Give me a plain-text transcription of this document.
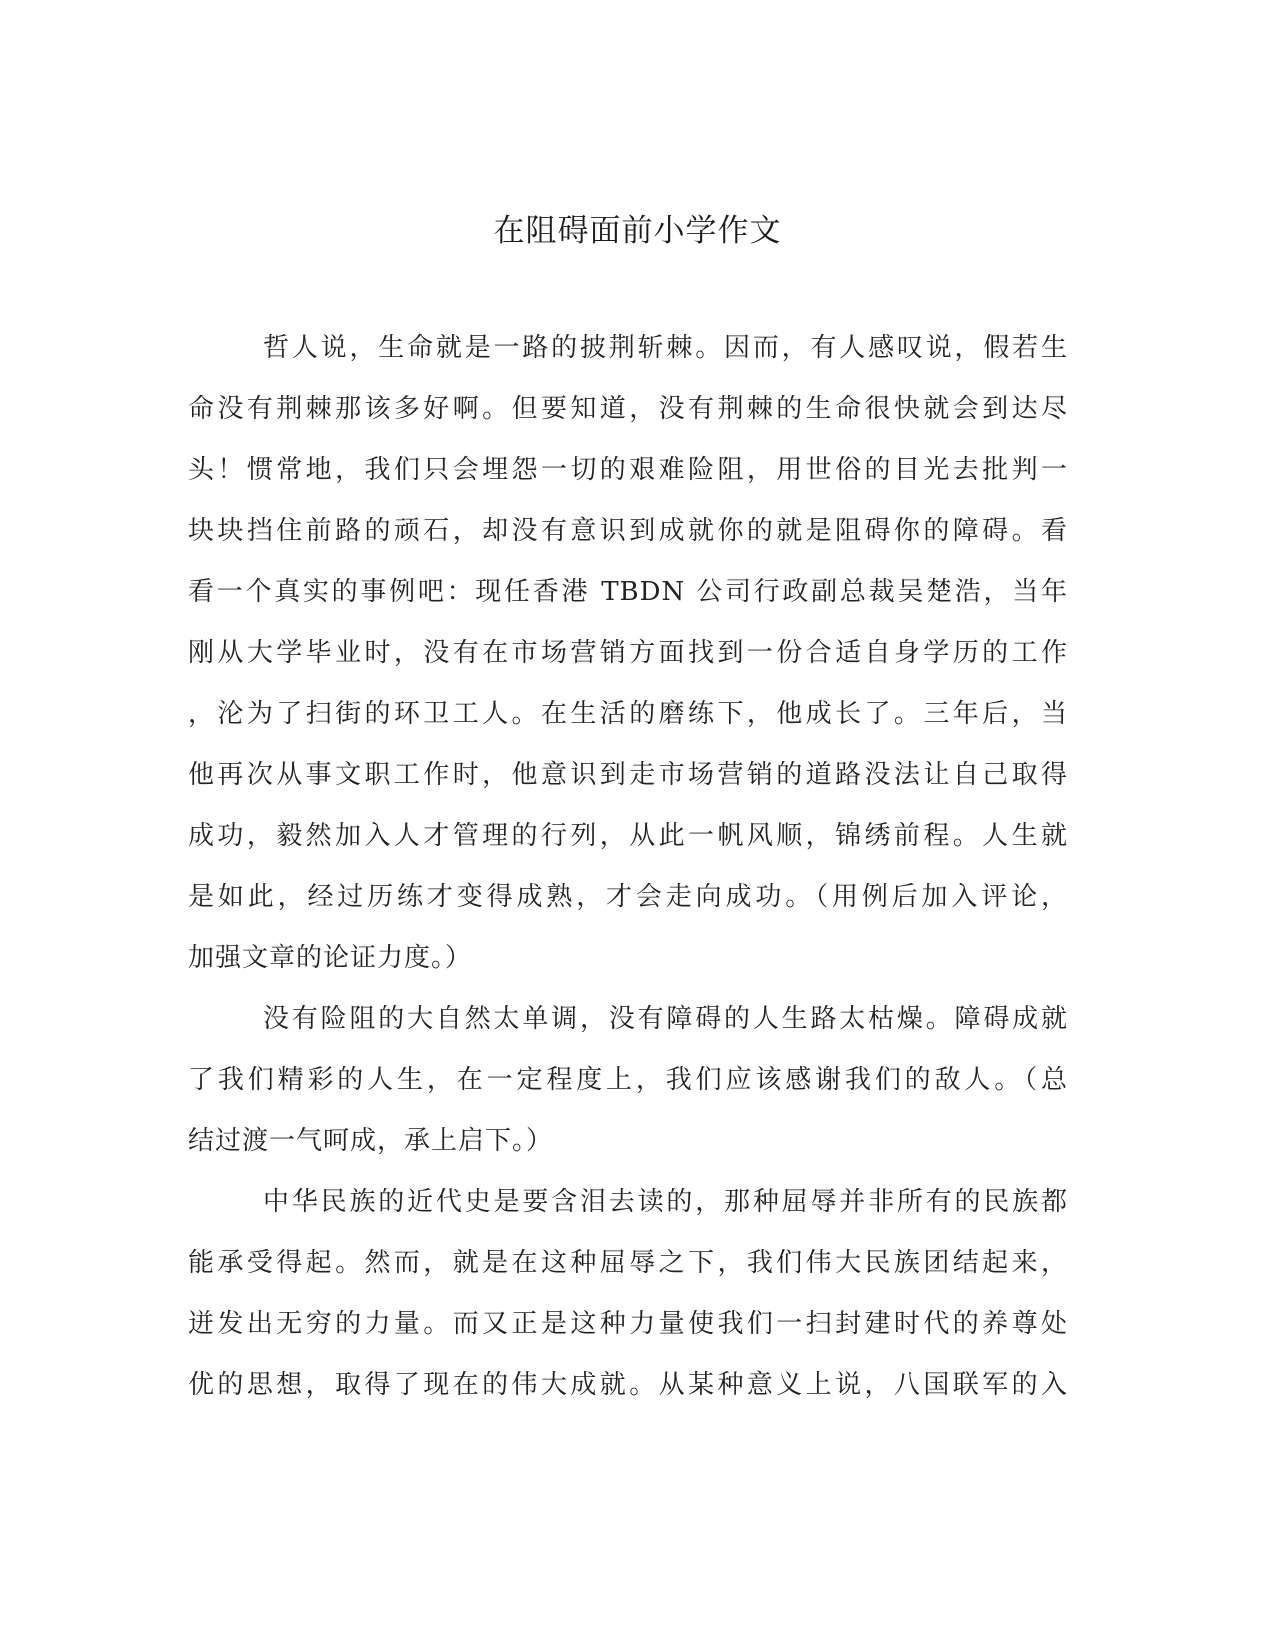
在阻碍面前小学作文
哲人说，生命就是一路的披荆斩棘。因而，有人感叹说，假若生
命没有荆棘那该多好啊。但要知道，没有荆棘的生命很快就会到达尽
头！惯常地，我们只会埋怨一切的艰难险阻，用世俗的目光去批判一
块块挡住前路的顽石，却没有意识到成就你的就是阻碍你的障碍。看
看一个真实的事例吧：现任香港 TBDN 公司行政副总裁吴楚浩，当年
刚从大学毕业时，没有在市场营销方面找到一份合适自身学历的工作
，沦为了扫街的环卫工人。在生活的磨练下，他成长了。三年后，当
他再次从事文职工作时，他意识到走市场营销的道路没法让自己取得
成功，毅然加入人才管理的行列，从此一帆风顺，锦绣前程。人生就
是如此，经过历练才变得成熟，才会走向成功。（用例后加入评论，
加强文章的论证力度。）
没有险阻的大自然太单调，没有障碍的人生路太枯燥。障碍成就
了我们精彩的人生，在一定程度上，我们应该感谢我们的敌人。（总
结过渡一气呵成，承上启下。）
中华民族的近代史是要含泪去读的，那种屈辱并非所有的民族都
能承受得起。然而，就是在这种屈辱之下，我们伟大民族团结起来，
迸发出无穷的力量。而又正是这种力量使我们一扫封建时代的养尊处
优的思想，取得了现在的伟大成就。从某种意义上说，八国联军的入
